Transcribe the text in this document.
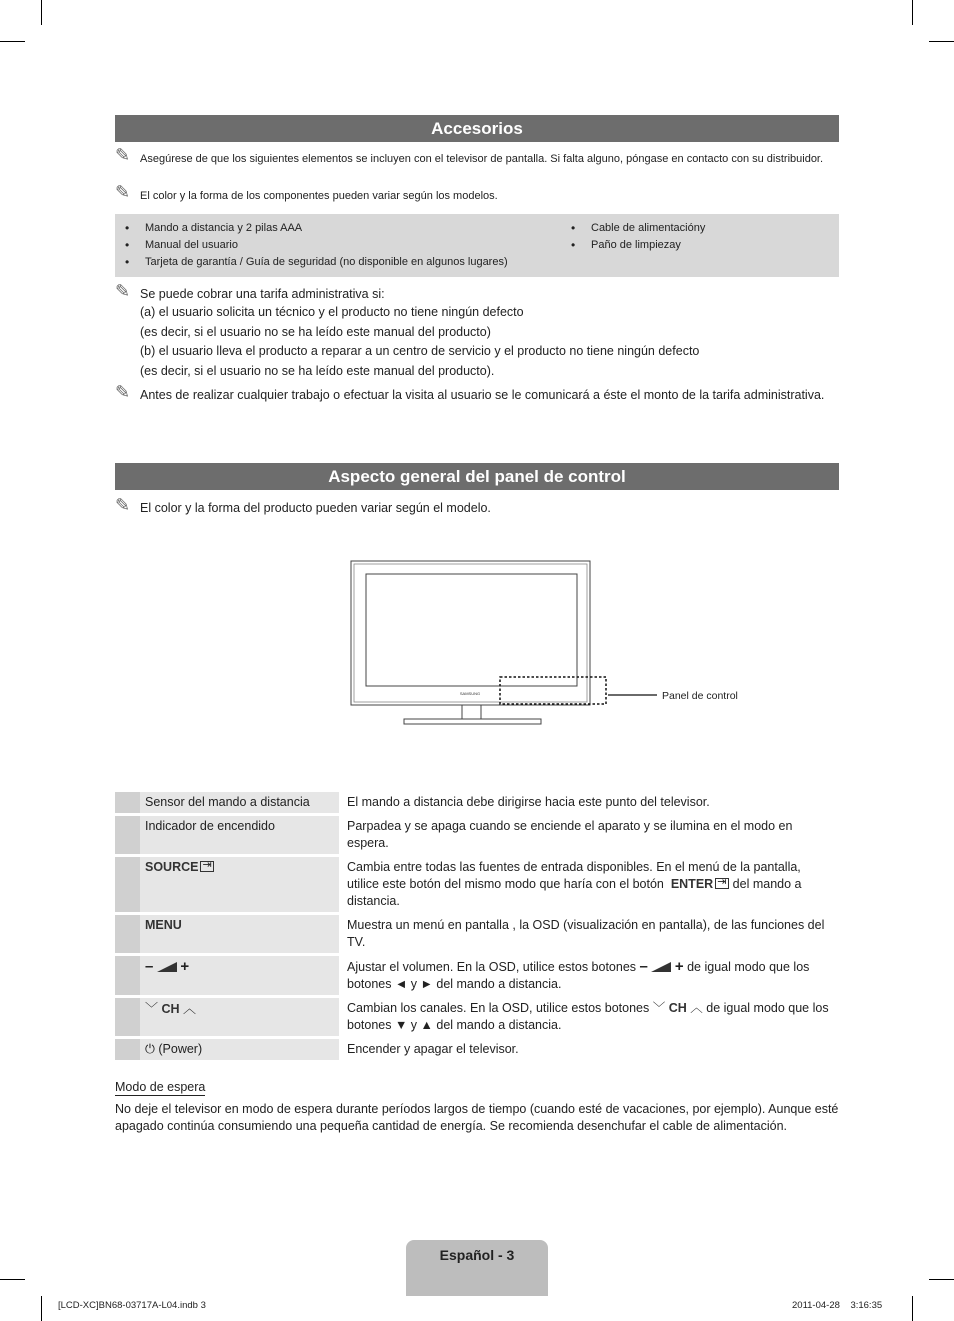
Accesorios
✎ Asegúrese de que los siguientes elementos se incluyen con el televisor de pantalla. Si falta alguno, póngase en contacto con su distribuidor.
✎ El color y la forma de los componentes pueden variar según los modelos.
• Mando a distancia y 2 pilas AAA
• Manual del usuario
• Tarjeta de garantía / Guía de seguridad (no disponible en algunos lugares)
• Cable de alimentacióny
• Paño de limpiezay
✎ Se puede cobrar una tarifa administrativa si:
(a) el usuario solicita un técnico y el producto no tiene ningún defecto
(es decir, si el usuario no se ha leído este manual del producto)
(b) el usuario lleva el producto a reparar a un centro de servicio y el producto no tiene ningún defecto
(es decir, si el usuario no se ha leído este manual del producto).
✎ Antes de realizar cualquier trabajo o efectuar la visita al usuario se le comunicará a éste el monto de la tarifa administrativa.
Aspecto general del panel de control
✎ El color y la forma del producto pueden variar según el modelo.
SAMSUNG	Panel de control
	Sensor del mando a distancia	El mando a distancia debe dirigirse hacia este punto del televisor.
	Indicador de encendido	Parpadea y se apaga cuando se enciende el aparato y se ilumina en el modo en espera.
	SOURCE⇥	Cambia entre todas las fuentes de entrada disponibles. En el menú de la pantalla, utilice este botón del mismo modo que haría con el botón ENTER ⇥ del mando a distancia.
	MENU	Muestra un menú en pantalla , la OSD (visualización en pantalla), de las funciones del TV.
	– +	Ajustar el volumen. En la OSD, utilice estos botones – + de igual modo que los botones ◄ y ► del mando a distancia.
	﹀ CH ︿	Cambian los canales. En la OSD, utilice estos botones ﹀ CH ︿ de igual modo que los botones ▼ y ▲ del mando a distancia.
	⏻ (Power)	Encender y apagar el televisor.
Modo de espera
No deje el televisor en modo de espera durante períodos largos de tiempo (cuando esté de vacaciones, por ejemplo). Aunque esté apagado continúa consumiendo una pequeña cantidad de energía. Se recomienda desenchufar el cable de alimentación.
Español - 3
[LCD-XC]BN68-03717A-L04.indb 3	2011-04-28    3:16:35
